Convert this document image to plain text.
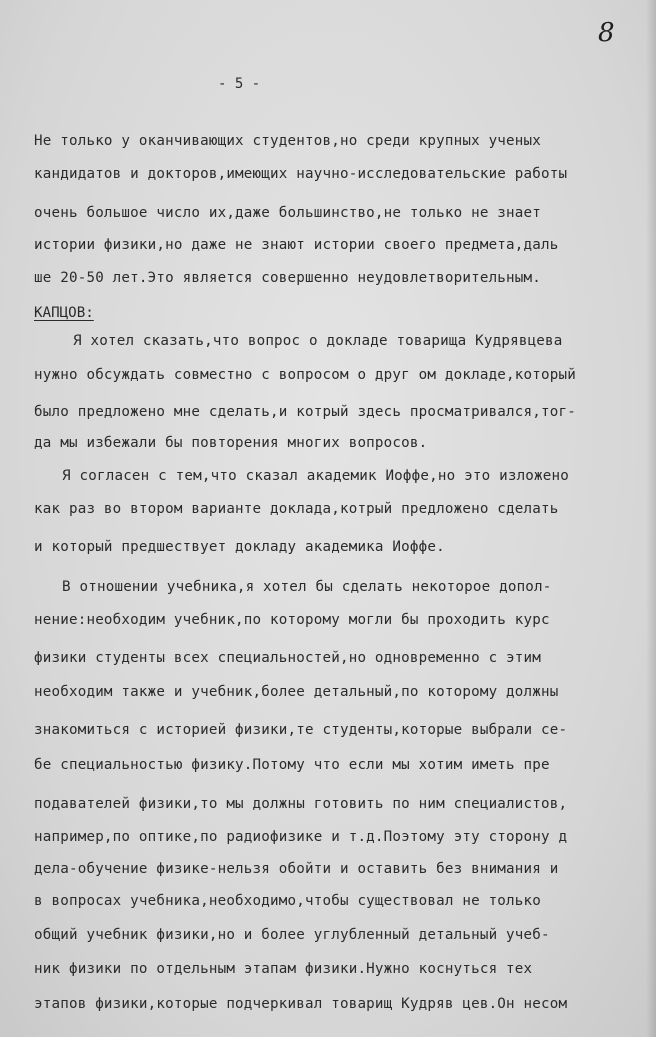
8
- 5 -
Не только у оканчивающих студентов,но среди крупных ученых
кандидатов и докторов,имеющих научно-исследовательские работы
очень большое число их,даже большинство,не только не знает
истории физики,но даже не знают истории своего предмета,даль
ше 20-50 лет.Это является совершенно неудовлетворительным.
КАПЦОВ:
Я хотел сказать,что вопрос о докладе товарища Кудрявцева
нужно обсуждать совместно с вопросом о друг ом докладе,который
было предложено мне сделать,и котрый здесь просматривался,тог-
да мы избежали бы повторения многих вопросов.
Я согласен с тем,что сказал академик Иоффе,но это изложено
как раз во втором варианте доклада,котрый предложено сделать
и который предшествует докладу академика Иоффе.
В отношении учебника,я хотел бы сделать некоторое допол-
нение:необходим учебник,по которому могли бы проходить курс
физики студенты всех специальностей,но одновременно с этим
необходим также и учебник,более детальный,по которому должны
знакомиться с историей физики,те студенты,которые выбрали се-
бе специальностью физику.Потому что если мы хотим иметь пре
подавателей физики,то мы должны готовить по ним специалистов,
например,по оптике,по радиофизике и т.д.Поэтому эту сторону д
дела-обучение физике-нельзя обойти и оставить без внимания и
в вопросах учебника,необходимо,чтобы существовал не только
общий учебник физики,но и более углубленный детальный учеб-
ник физики по отдельным этапам физики.Нужно коснуться тех
этапов физики,которые подчеркивал товарищ Кудряв цев.Он несом
